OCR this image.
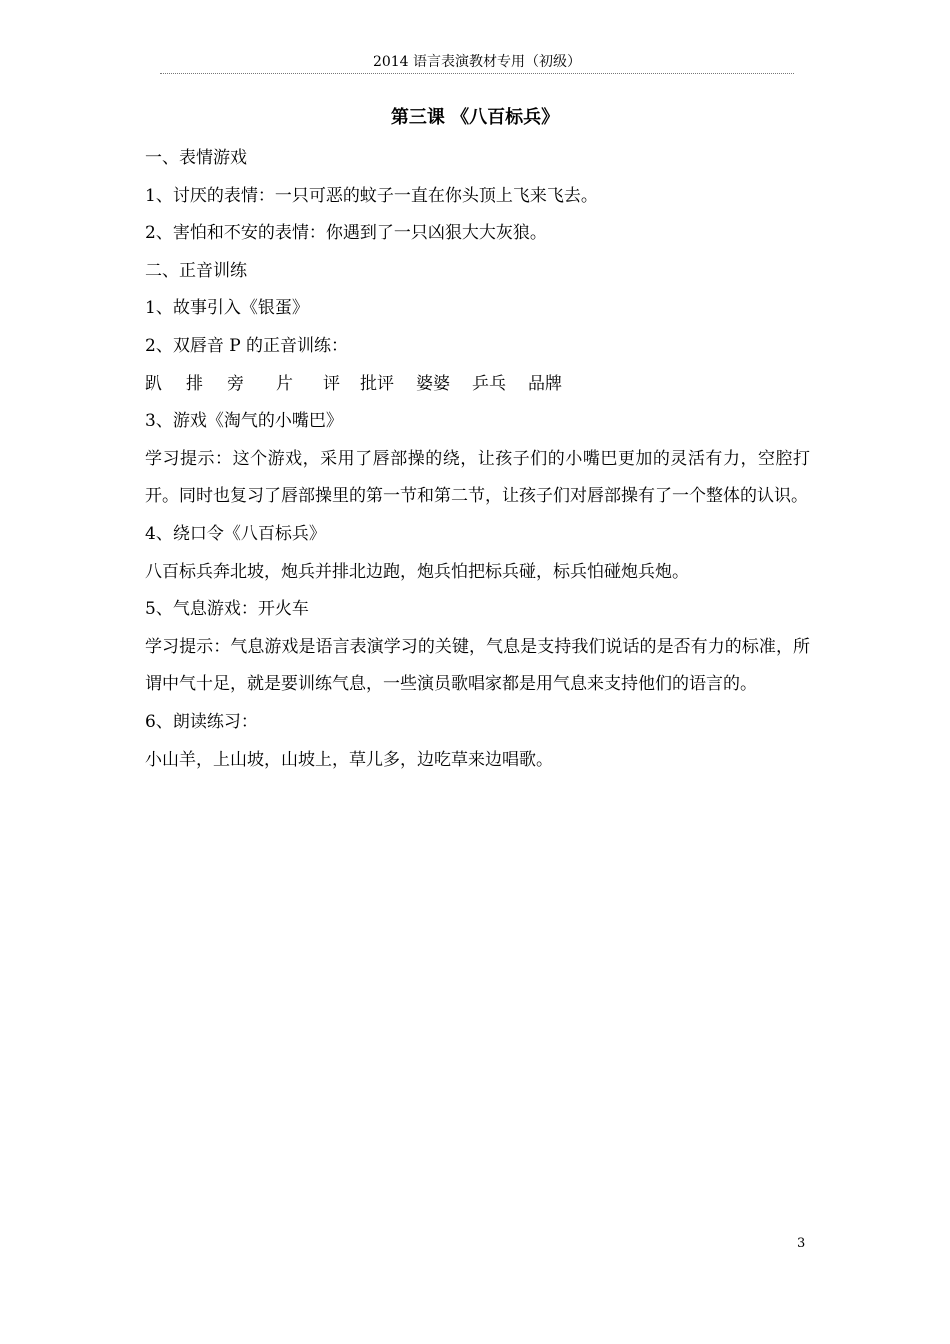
2014 语言表演教材专用（初级）
第三课 《八百标兵》
一、表情游戏
1、讨厌的表情：一只可恶的蚊子一直在你头顶上飞来飞去。
2、害怕和不安的表情：你遇到了一只凶狠大大灰狼。
二、正音训练
1、故事引入《银蛋》
2、双唇音 P 的正音训练：
趴 排 旁 片 评 批评 婆婆 乒乓 品牌
3、游戏《淘气的小嘴巴》
学习提示：这个游戏，采用了唇部操的绕，让孩子们的小嘴巴更加的灵活有力，空腔打开。同时也复习了唇部操里的第一节和第二节，让孩子们对唇部操有了一个整体的认识。
4、绕口令《八百标兵》
八百标兵奔北坡，炮兵并排北边跑，炮兵怕把标兵碰，标兵怕碰炮兵炮。
5、气息游戏：开火车
学习提示：气息游戏是语言表演学习的关键，气息是支持我们说话的是否有力的标准，所谓中气十足，就是要训练气息，一些演员歌唱家都是用气息来支持他们的语言的。
6、朗读练习：
小山羊，上山坡，山坡上，草儿多，边吃草来边唱歌。
3
